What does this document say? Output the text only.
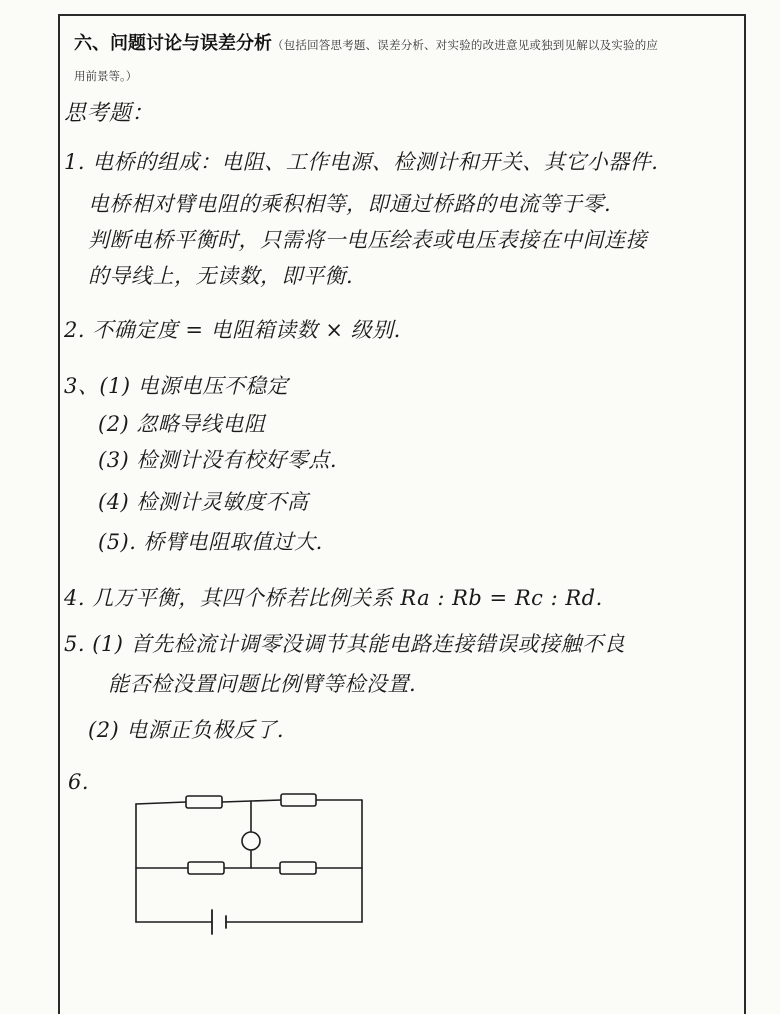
六、问题讨论与误差分析（包括回答思考题、误差分析、对实验的改进意见或独到见解以及实验的应
用前景等。）
思考题：
1. 电桥的组成：电阻、工作电源、检测计和开关、其它小器件.
电桥相对臂电阻的乘积相等，即通过桥路的电流等于零.
判断电桥平衡时，只需将一电压绘表或电压表接在中间连接
的导线上，无读数，即平衡.
2. 不确定度 = 电阻箱读数 × 级别.
3、(1) 电源电压不稳定
(2) 忽略导线电阻
(3) 检测计没有校好零点.
(4) 检测计灵敏度不高
(5). 桥臂电阻取值过大.
4. 几万平衡，其四个桥若比例关系 Ra : Rb = Rc : Rd.
5. (1) 首先检流计调零没调节其能电路连接错误或接触不良
能否检没置问题比例臂等检没置.
(2) 电源正负极反了.
6.
